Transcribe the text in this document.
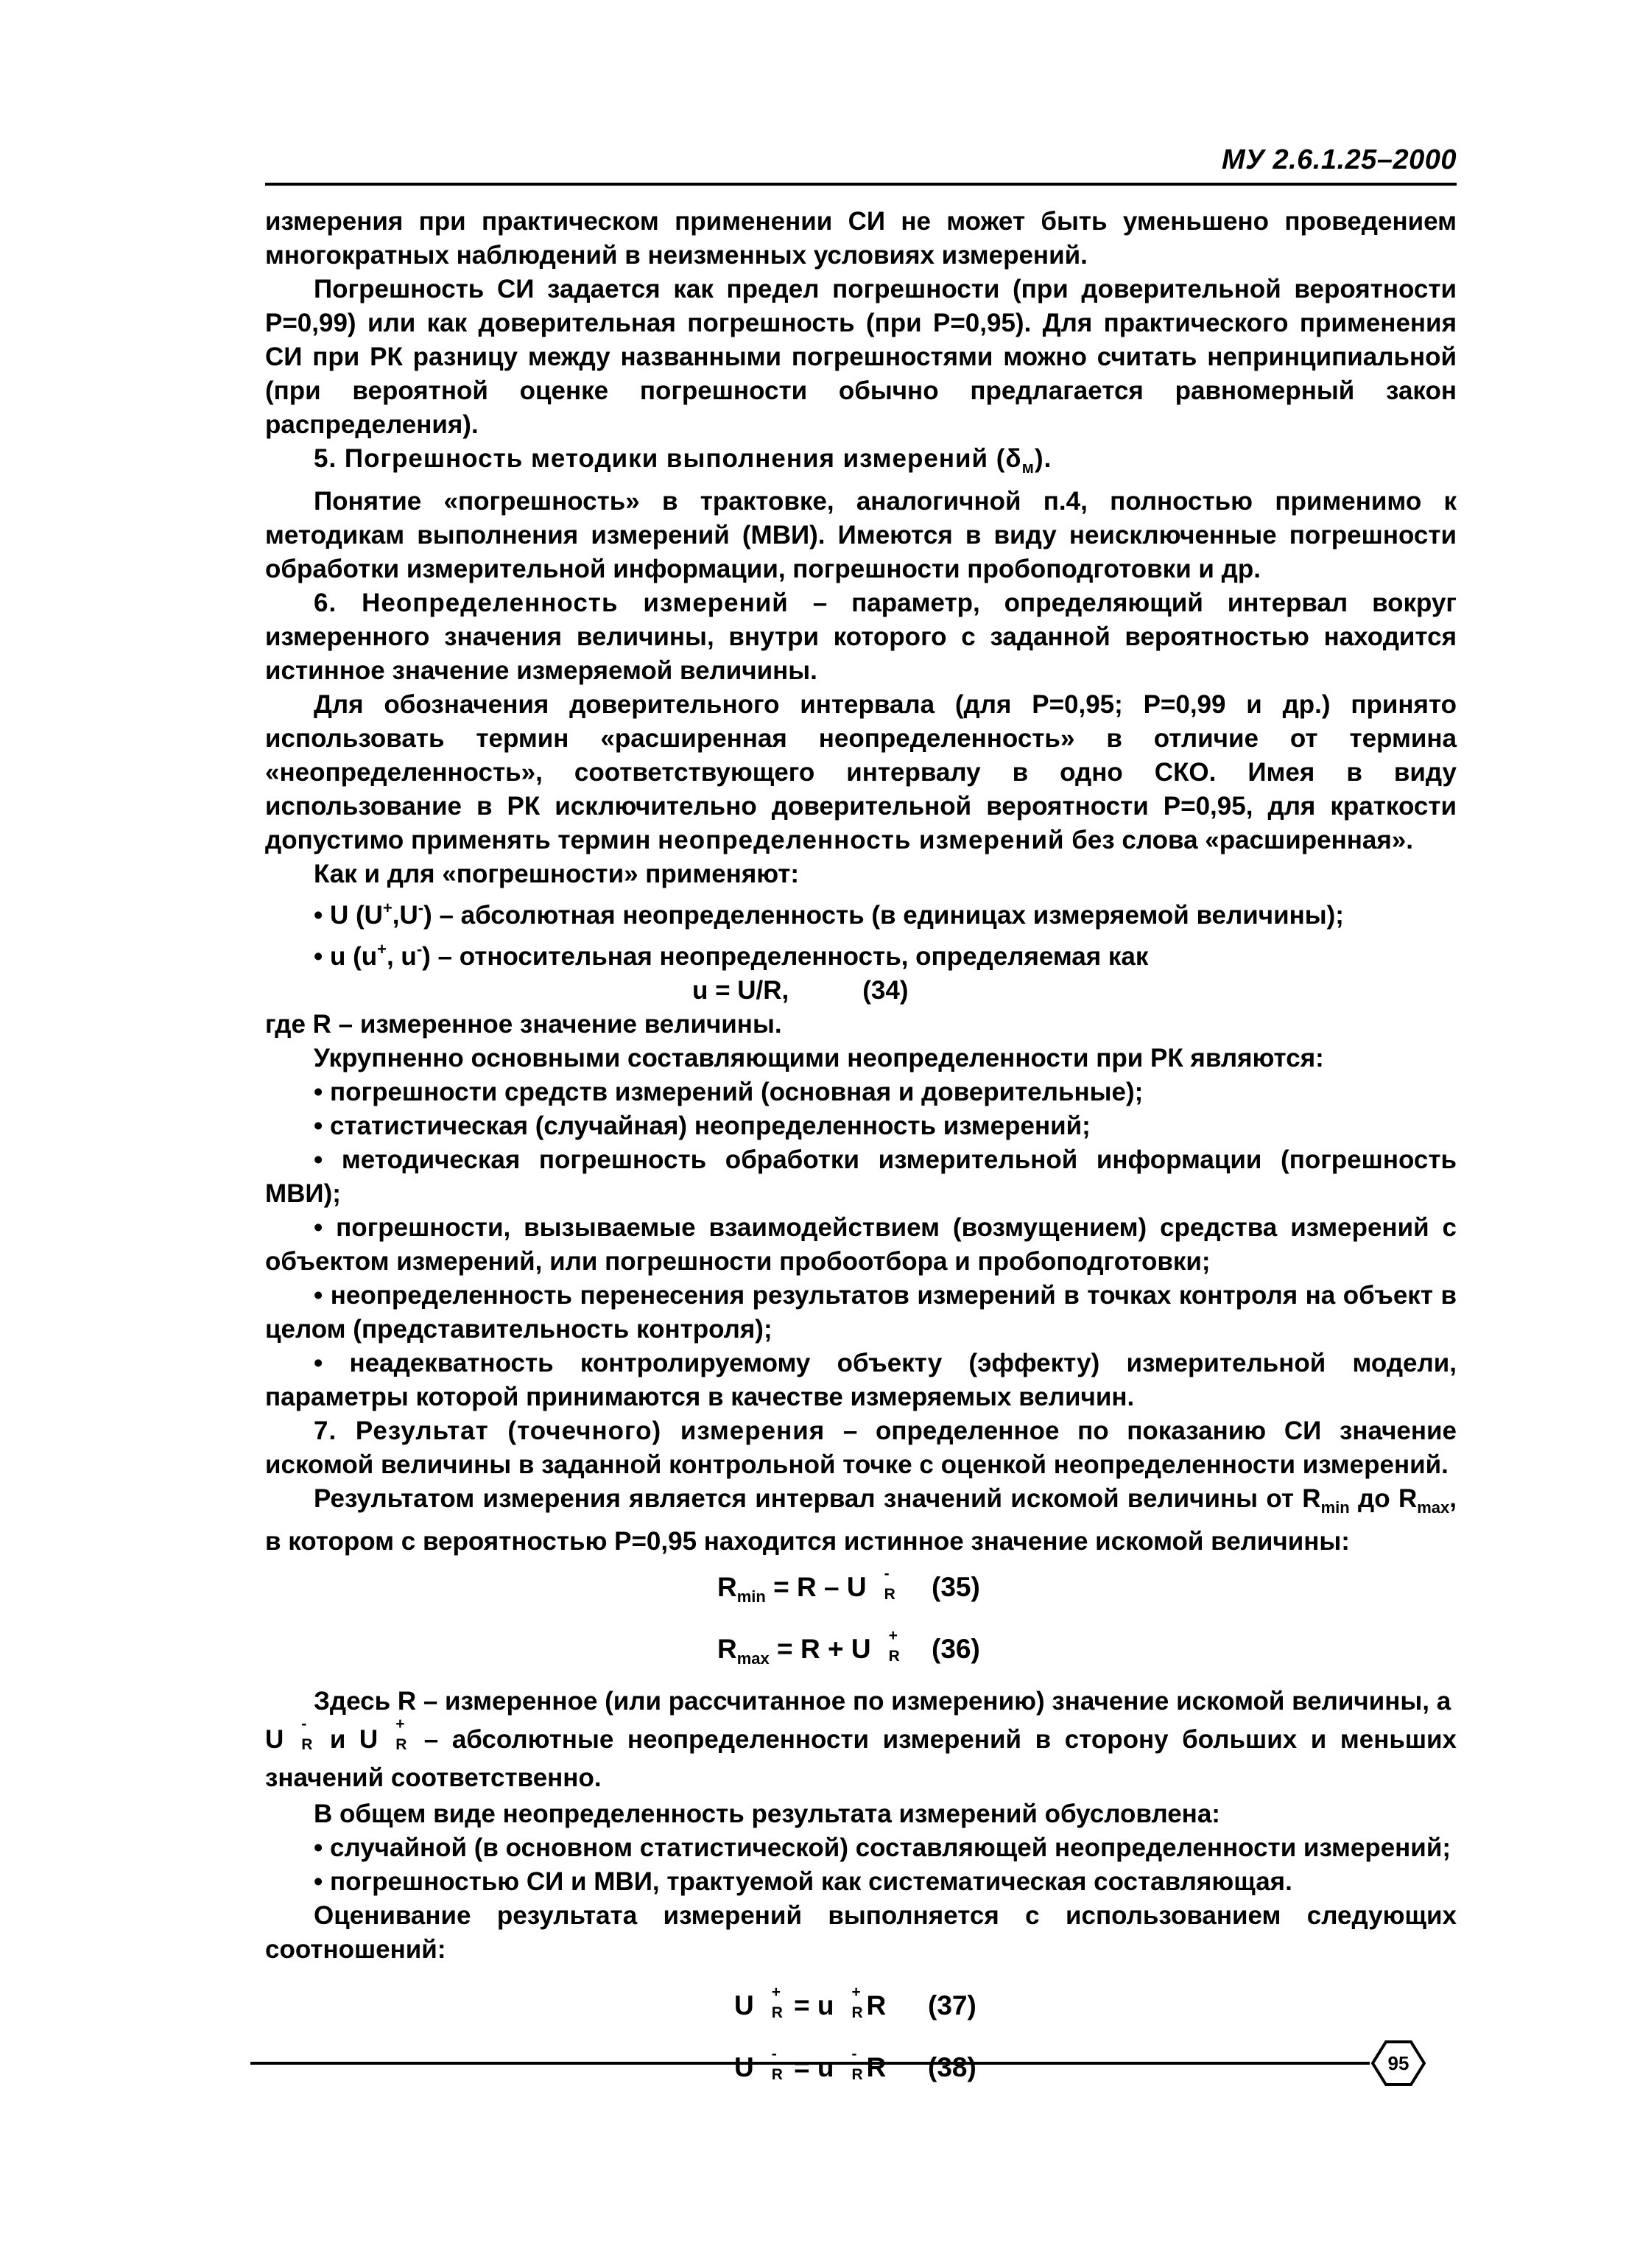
МУ 2.6.1.25–2000

измерения при практическом применении СИ не может быть уменьшено проведением многократных наблюдений в неизменных условиях измерений.

Погрешность СИ задается как предел погрешности (при доверительной вероятности Р=0,99) или как доверительная погрешность (при Р=0,95). Для практического применения СИ при РК разницу между названными погрешностями можно считать непринципиальной (при вероятной оценке погрешности обычно предлагается равномерный закон распределения).

5. Погрешность методики выполнения измерений $(\delta_м)$.

Понятие «погрешность» в трактовке, аналогичной п.4, полностью применимо к методикам выполнения измерений (МВИ). Имеются в виду неисключенные погрешности обработки измерительной информации, погрешности пробоподготовки и др.

6. Неопределенность измерений – параметр, определяющий интервал вокруг измеренного значения величины, внутри которого с заданной вероятностью находится истинное значение измеряемой величины.

Для обозначения доверительного интервала (для Р=0,95; Р=0,99 и др.) принято использовать термин «расширенная неопределенность» в отличие от термина «неопределенность», соответствующего интервалу в одно СКО. Имея в виду использование в РК исключительно доверительной вероятности Р=0,95, для краткости допустимо применять термин неопределенность измерений без слова «расширенная».

Как и для «погрешности» применяют:

• U (U+,U-) – абсолютная неопределенность (в единицах измеряемой величины);

• u (u+, u-) – относительная неопределенность, определяемая как

u = U/R,	(34)

где R – измеренное значение величины.

Укрупненно основными составляющими неопределенности при РК являются:

• погрешности средств измерений (основная и доверительные);

• статистическая (случайная) неопределенность измерений;

• методическая погрешность обработки измерительной информации (погрешность МВИ);

• погрешности, вызываемые взаимодействием (возмущением) средства измерений с объектом измерений, или погрешности пробоотбора и пробоподготовки;

• неопределенность перенесения результатов измерений в точках контроля на объект в целом (представительность контроля);

• неадекватность контролируемому объекту (эффекту) измерительной модели, параметры которой принимаются в качестве измеряемых величин.

7. Результат (точечного) измерения – определенное по показанию СИ значение искомой величины в заданной контрольной точке с оценкой неопределенности измерений.

Результатом измерения является интервал значений искомой величины от $R_{min}$ до $R_{max}$, в котором с вероятностью Р=0,95 находится истинное значение искомой величины:

$R_{min} = R - U$ -
R
(35)
$R_{max} = R + U$ +
R
(36)

Здесь R – измеренное (или рассчитанное по измерению) значение искомой величины, а

U
-
R и U
+
R – абсолютные неопределенности измерений в сторону больших и меньших значений соответственно.

В общем виде неопределенность результата измерений обусловлена:

• случайной (в основном статистической) составляющей неопределенности измерений;

• погрешностью СИ и МВИ, трактуемой как систематическая составляющая.

Оценивание результата измерений выполняется с использованием следующих соотношений:

U +
R = u +
R R (37)
U -
R = u -
R R (38)	95
